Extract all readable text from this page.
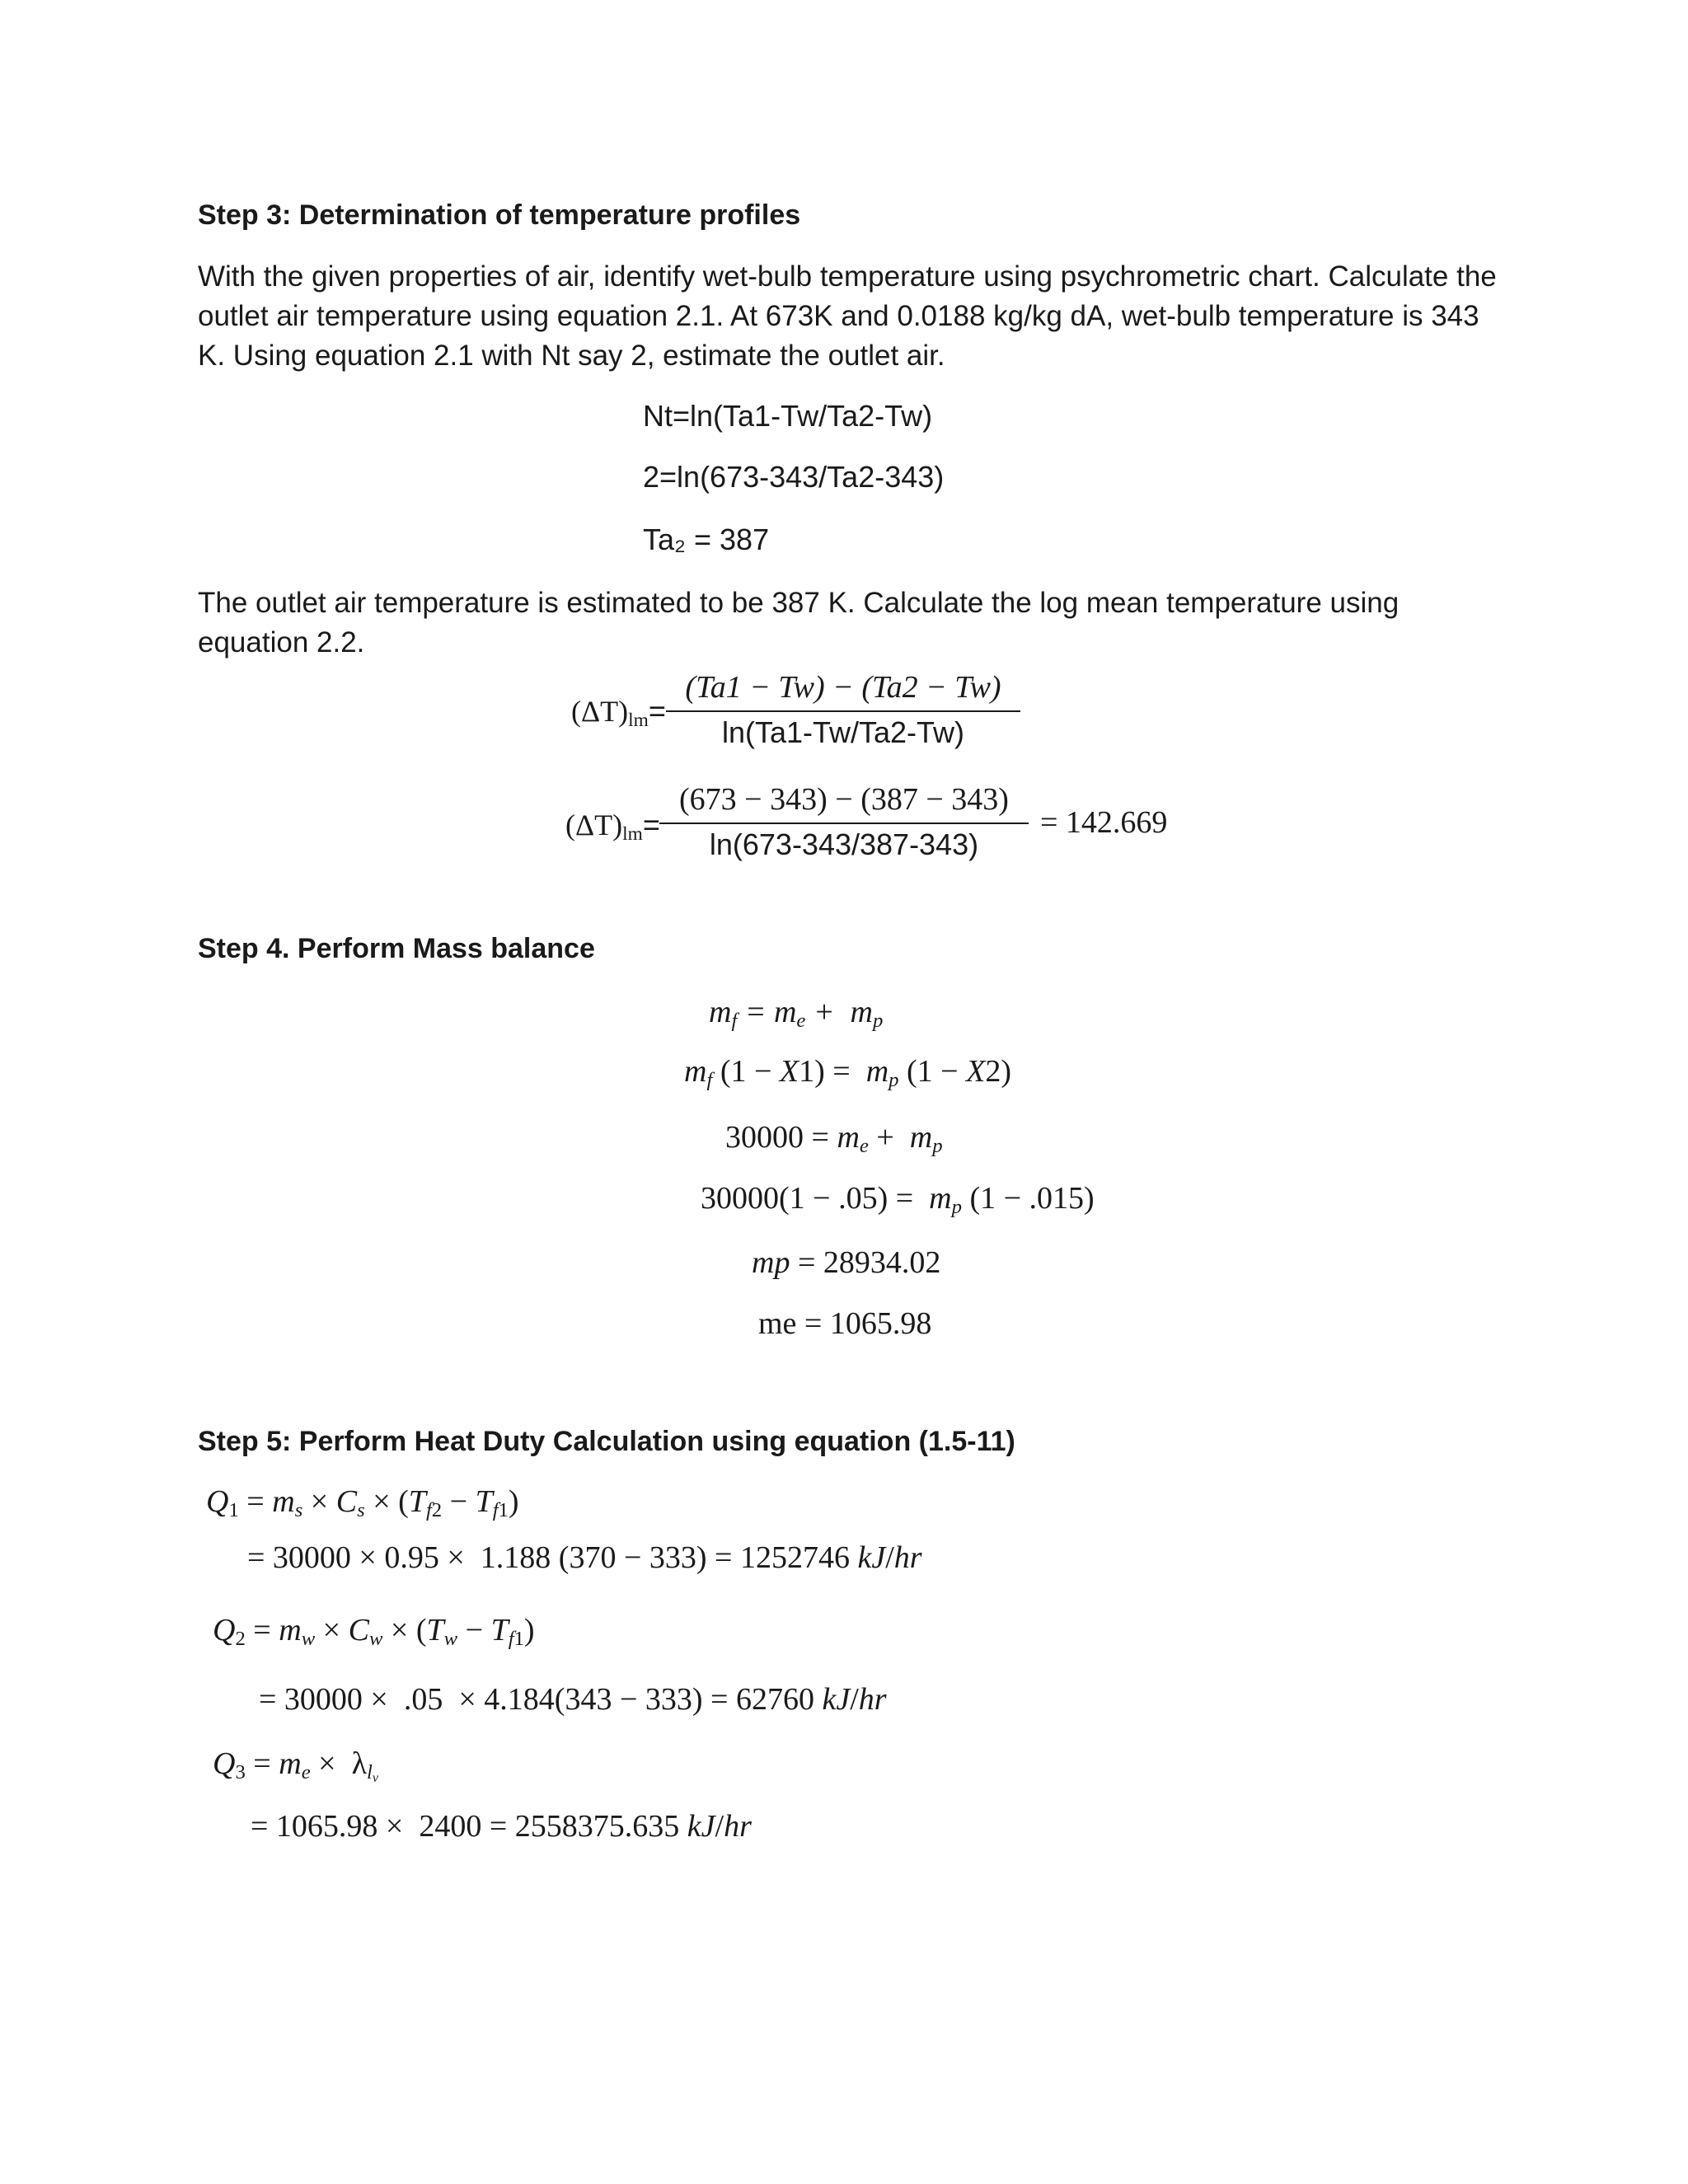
Step 3: Determination of temperature profiles
With the given properties of air, identify wet-bulb temperature using psychrometric chart. Calculate the outlet air temperature using equation 2.1. At 673K and 0.0188 kg/kg dA, wet-bulb temperature is 343 K. Using equation 2.1 with Nt say 2, estimate the outlet air.
Nt=ln(Ta1-Tw/Ta2-Tw)
2=ln(673-343/Ta2-343)
Ta₂ = 387
The outlet air temperature is estimated to be 387 K. Calculate the log mean temperature using equation 2.2.
$(\Delta T)_{lm}=$
(Ta1 − Tw) − (Ta2 − Tw)
ln(Ta1-Tw/Ta2-Tw)
$(\Delta T)_{lm}=$
(673 − 343) − (387 − 343)
ln(673-343/387-343)
= 142.669
Step 4. Perform Mass balance
$m_f = m_e + m_p$
$m_f$ $(1 - X1) = m_p$ (1 − X2)
$30000 = m_e + m_p$
$30000(1 - .05) = m_p$ (1 − .015)
mp = 28934.02
me = 1065.98
Step 5: Perform Heat Duty Calculation using equation (1.5-11)
$Q_1 = m_s \times C_s \times (T_{f2} - T_{f1})$
= 30000 × 0.95 ×  1.188 (370 − 333) = 1252746 kJ/hr
$Q_2 = m_w \times C_w \times (T_w - T_{f1})$
= 30000 ×  .05  × 4.184(343 − 333) = 62760 kJ/hr
$Q_3 = m_e \times \lambda_{l_v}$
= 1065.98 ×  2400 = 2558375.635 kJ/hr
